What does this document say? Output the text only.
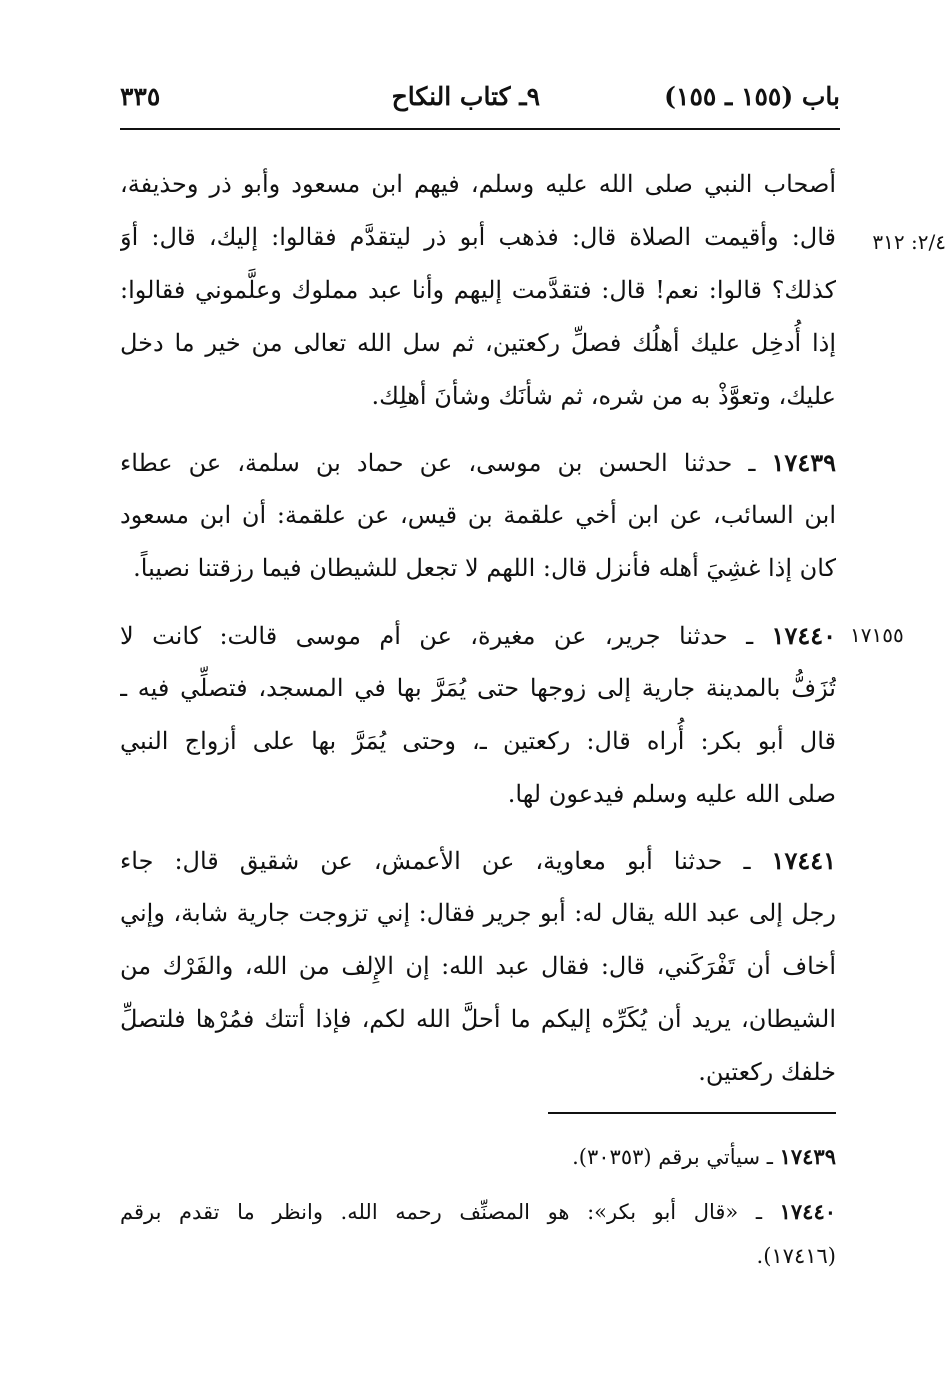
باب (١٥٥ ـ ١٥٥)
٩ـ كتاب النكاح
٣٣٥
٢/٤: ٣١٢
١٧١٥٥
أصحاب النبي صلى الله عليه وسلم، فيهم ابن مسعود وأبو ذر وحذيفة،
قال: وأقيمت الصلاة قال: فذهب أبو ذر ليتقدَّم فقالوا: إليك، قال: أوَ
كذلك؟ قالوا: نعم! قال: فتقدَّمت إليهم وأنا عبد مملوك وعلَّموني فقالوا:
إذا أُدخِل عليك أهلُك فصلِّ ركعتين، ثم سل الله تعالى من خير ما دخل
عليك، وتعوَّذْ به من شره، ثم شأنَك وشأنَ أهلِك.
١٧٤٣٩ ـ حدثنا الحسن بن موسى، عن حماد بن سلمة، عن عطاء
ابن السائب، عن ابن أخي علقمة بن قيس، عن علقمة: أن ابن مسعود
كان إذا غشِيَ أهله فأنزل قال: اللهم لا تجعل للشيطان فيما رزقتنا نصيباً.
١٧٤٤٠ ـ حدثنا جرير، عن مغيرة، عن أم موسى قالت: كانت لا
تُزَفُّ بالمدينة جارية إلى زوجها حتى يُمَرَّ بها في المسجد، فتصلِّي فيه ـ
قال أبو بكر: أُراه قال: ركعتين ـ، وحتى يُمَرَّ بها على أزواج النبي
صلى الله عليه وسلم فيدعون لها.
١٧٤٤١ ـ حدثنا أبو معاوية، عن الأعمش، عن شقيق قال: جاء
رجل إلى عبد الله يقال له: أبو جرير فقال: إني تزوجت جارية شابة، وإني
أخاف أن تَفْرَكَني، قال: فقال عبد الله: إن الإِلف من الله، والفَرْك من
الشيطان، يريد أن يُكَرِّه إليكم ما أحلَّ الله لكم، فإذا أتتك فمُرْها فلتصلِّ
خلفك ركعتين.
١٧٤٣٩ ـ سيأتي برقم (٣٠٣٥٣).
١٧٤٤٠ ـ «قال أبو بكر»: هو المصنِّف رحمه الله. وانظر ما تقدم برقم
(١٧٤١٦).
